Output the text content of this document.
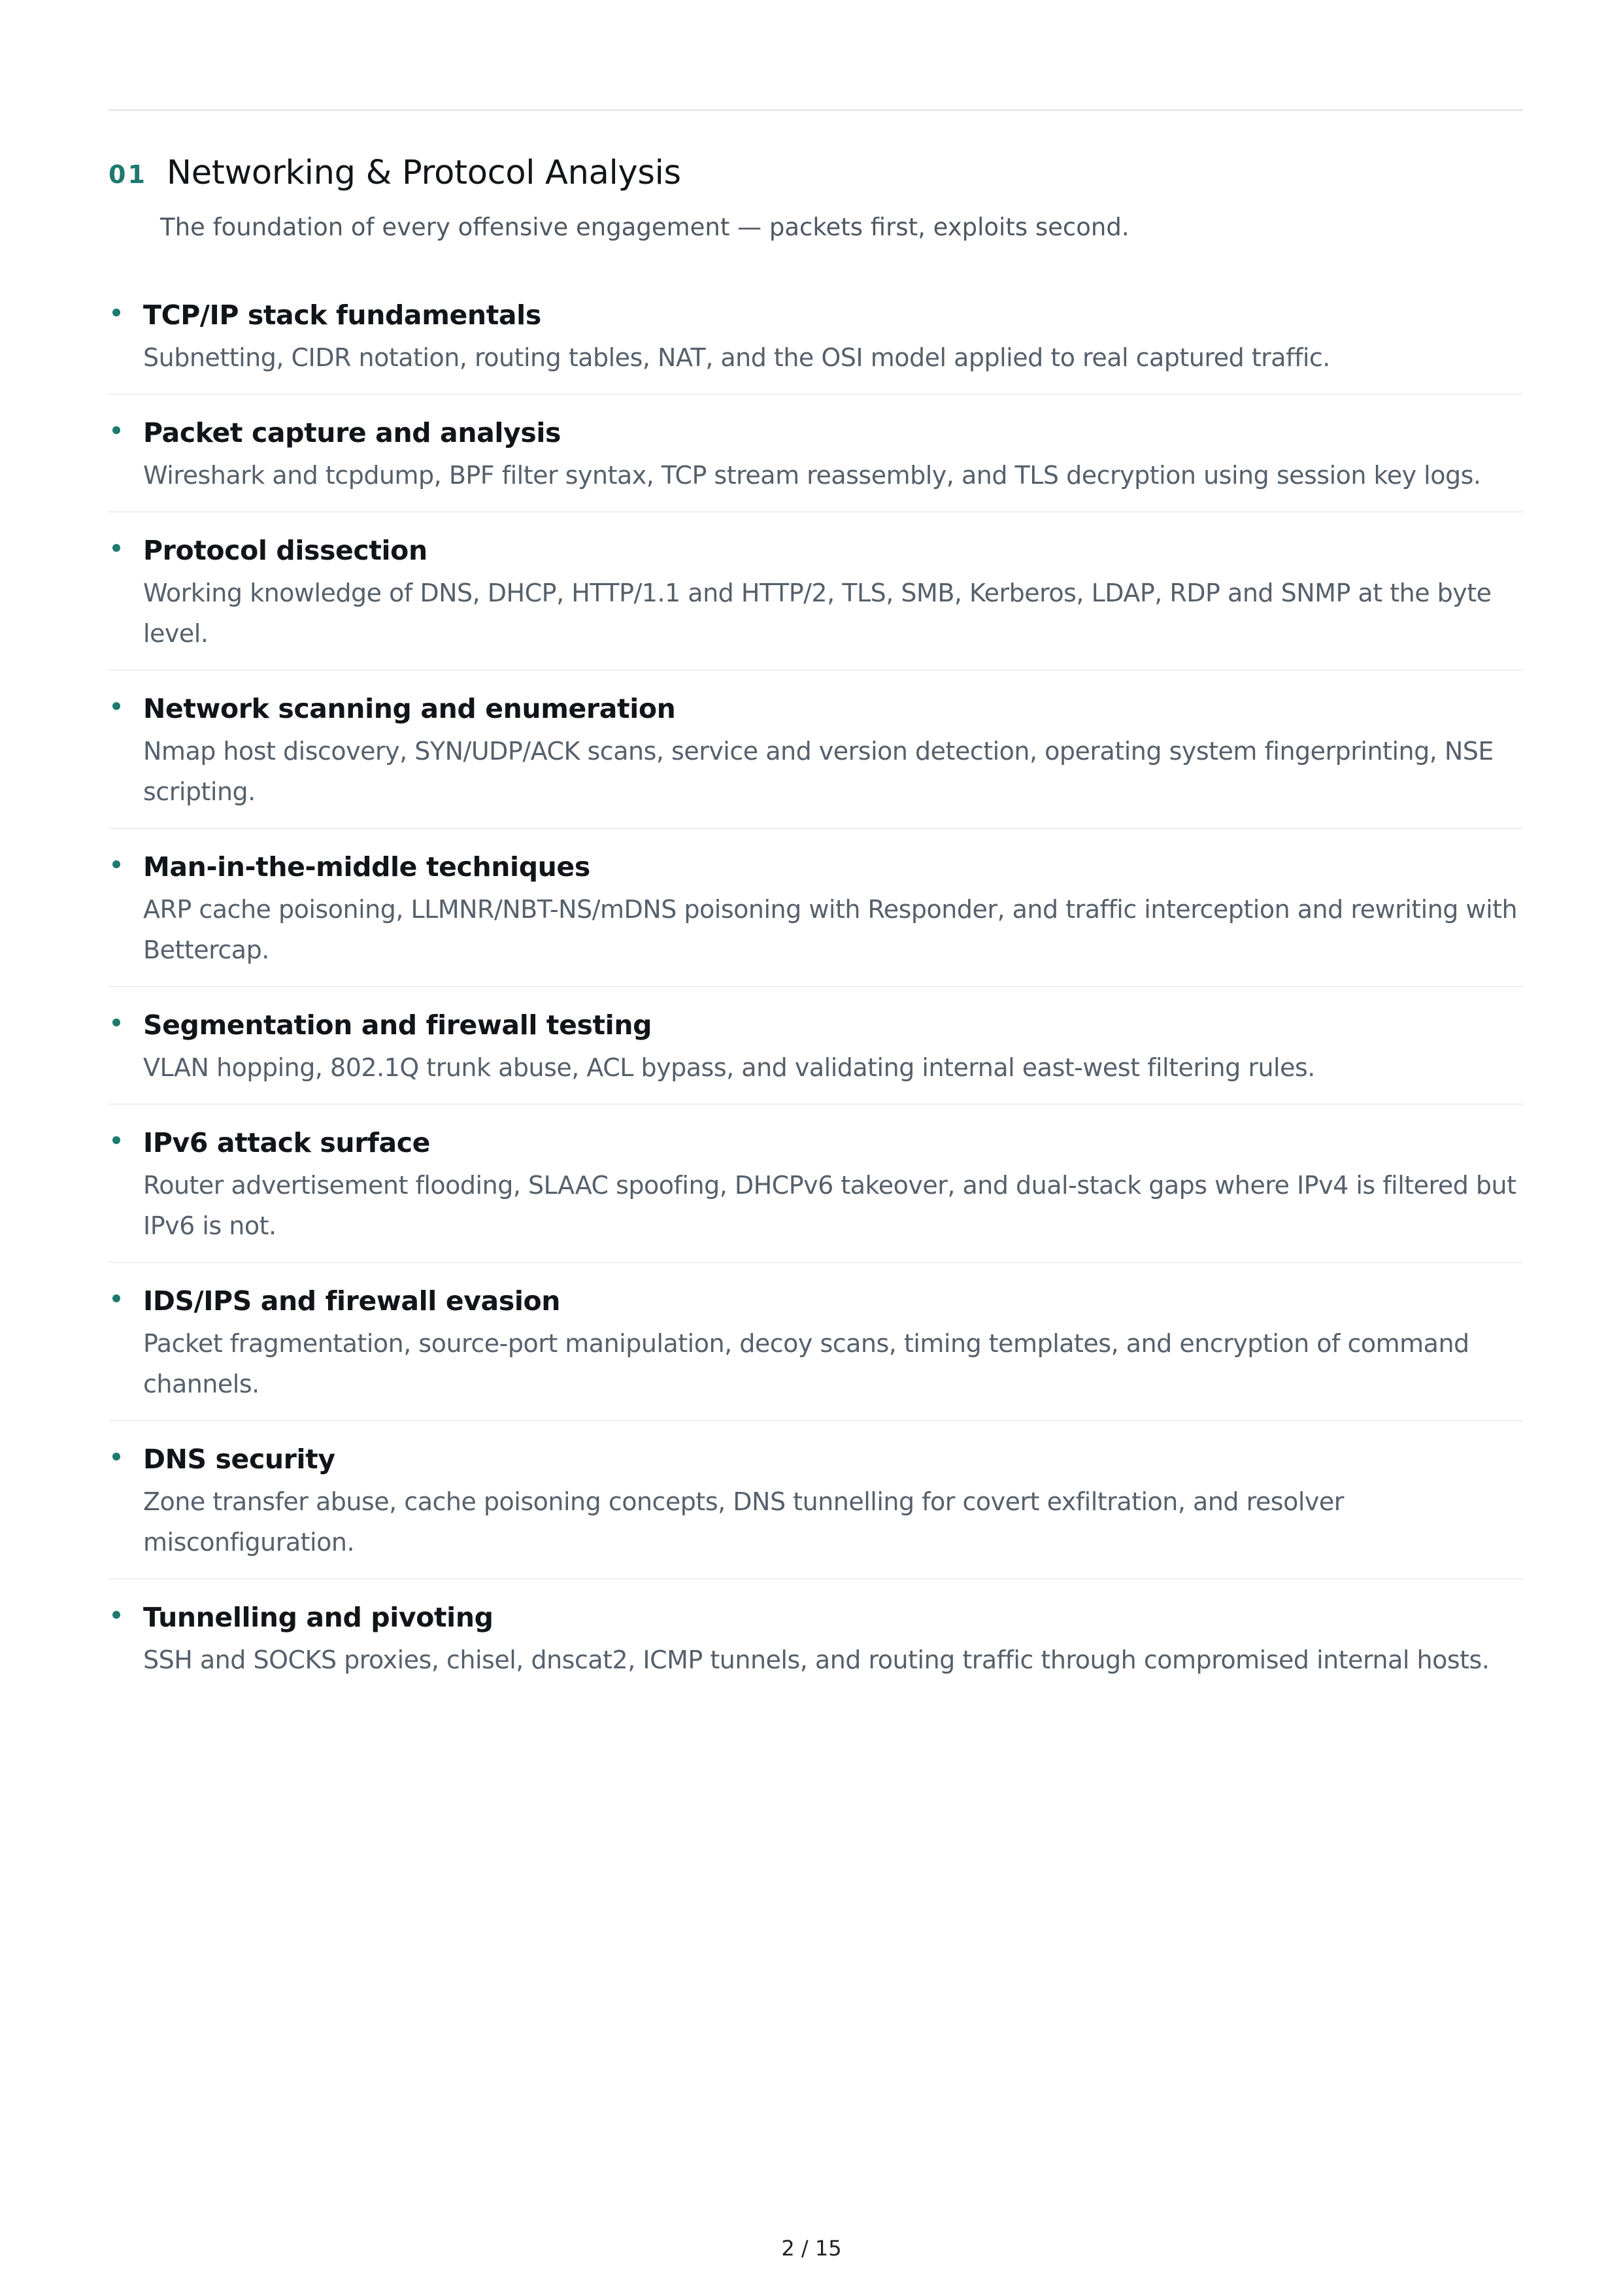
01 Networking & Protocol Analysis
The foundation of every offensive engagement — packets first, exploits second.
TCP/IP stack fundamentals
Subnetting, CIDR notation, routing tables, NAT, and the OSI model applied to real captured traffic.
Packet capture and analysis
Wireshark and tcpdump, BPF filter syntax, TCP stream reassembly, and TLS decryption using session key logs.
Protocol dissection
Working knowledge of DNS, DHCP, HTTP/1.1 and HTTP/2, TLS, SMB, Kerberos, LDAP, RDP and SNMP at the byte level.
Network scanning and enumeration
Nmap host discovery, SYN/UDP/ACK scans, service and version detection, operating system fingerprinting, NSE scripting.
Man-in-the-middle techniques
ARP cache poisoning, LLMNR/NBT-NS/mDNS poisoning with Responder, and traffic interception and rewriting with Bettercap.
Segmentation and firewall testing
VLAN hopping, 802.1Q trunk abuse, ACL bypass, and validating internal east-west filtering rules.
IPv6 attack surface
Router advertisement flooding, SLAAC spoofing, DHCPv6 takeover, and dual-stack gaps where IPv4 is filtered but IPv6 is not.
IDS/IPS and firewall evasion
Packet fragmentation, source-port manipulation, decoy scans, timing templates, and encryption of command channels.
DNS security
Zone transfer abuse, cache poisoning concepts, DNS tunnelling for covert exfiltration, and resolver misconfiguration.
Tunnelling and pivoting
SSH and SOCKS proxies, chisel, dnscat2, ICMP tunnels, and routing traffic through compromised internal hosts.
2 / 15
